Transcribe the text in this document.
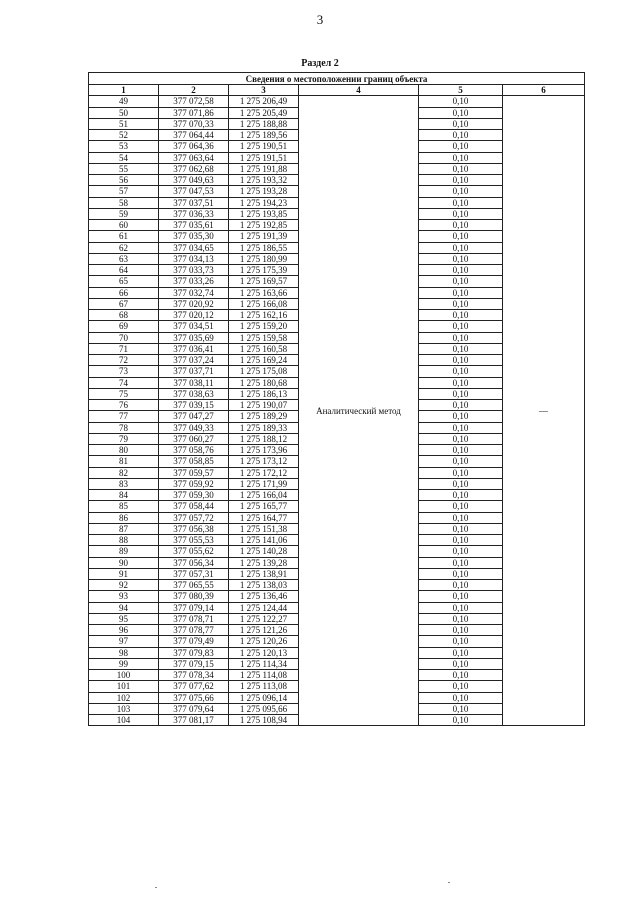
3
Раздел 2
Сведения о местоположении границ объекта					
1	2	3	4	5	6
49	377 072,58	1 275 206,49	Аналитический метод	0,10	—
50	377 071,86	1 275 205,49		0,10	
51	377 070,33	1 275 188,88		0,10	
52	377 064,44	1 275 189,56		0,10	
53	377 064,36	1 275 190,51		0,10	
54	377 063,64	1 275 191,51		0,10	
55	377 062,68	1 275 191,88		0,10	
56	377 049,63	1 275 193,32		0,10	
57	377 047,53	1 275 193,28		0,10	
58	377 037,51	1 275 194,23		0,10	
59	377 036,33	1 275 193,85		0,10	
60	377 035,61	1 275 192,85		0,10	
61	377 035,30	1 275 191,39		0,10	
62	377 034,65	1 275 186,55		0,10	
63	377 034,13	1 275 180,99		0,10	
64	377 033,73	1 275 175,39		0,10	
65	377 033,26	1 275 169,57		0,10	
66	377 032,74	1 275 163,66		0,10	
67	377 020,92	1 275 166,08		0,10	
68	377 020,12	1 275 162,16		0,10	
69	377 034,51	1 275 159,20		0,10	
70	377 035,69	1 275 159,58		0,10	
71	377 036,41	1 275 160,58		0,10	
72	377 037,24	1 275 169,24		0,10	
73	377 037,71	1 275 175,08		0,10	
74	377 038,11	1 275 180,68		0,10	
75	377 038,63	1 275 186,13		0,10	
76	377 039,15	1 275 190,07		0,10	
77	377 047,27	1 275 189,29		0,10	
78	377 049,33	1 275 189,33		0,10	
79	377 060,27	1 275 188,12		0,10	
80	377 058,76	1 275 173,96		0,10	
81	377 058,85	1 275 173,12		0,10	
82	377 059,57	1 275 172,12		0,10	
83	377 059,92	1 275 171,99		0,10	
84	377 059,30	1 275 166,04		0,10	
85	377 058,44	1 275 165,77		0,10	
86	377 057,72	1 275 164,77		0,10	
87	377 056,38	1 275 151,38		0,10	
88	377 055,53	1 275 141,06		0,10	
89	377 055,62	1 275 140,28		0,10	
90	377 056,34	1 275 139,28		0,10	
91	377 057,31	1 275 138,91		0,10	
92	377 065,55	1 275 138,03		0,10	
93	377 080,39	1 275 136,46		0,10	
94	377 079,14	1 275 124,44		0,10	
95	377 078,71	1 275 122,27		0,10	
96	377 078,77	1 275 121,26		0,10	
97	377 079,49	1 275 120,26		0,10	
98	377 079,83	1 275 120,13		0,10	
99	377 079,15	1 275 114,34		0,10	
100	377 078,34	1 275 114,08		0,10	
101	377 077,62	1 275 113,08		0,10	
102	377 075,66	1 275 096,14		0,10	
103	377 079,64	1 275 095,66		0,10	
104	377 081,17	1 275 108,94		0,10	
